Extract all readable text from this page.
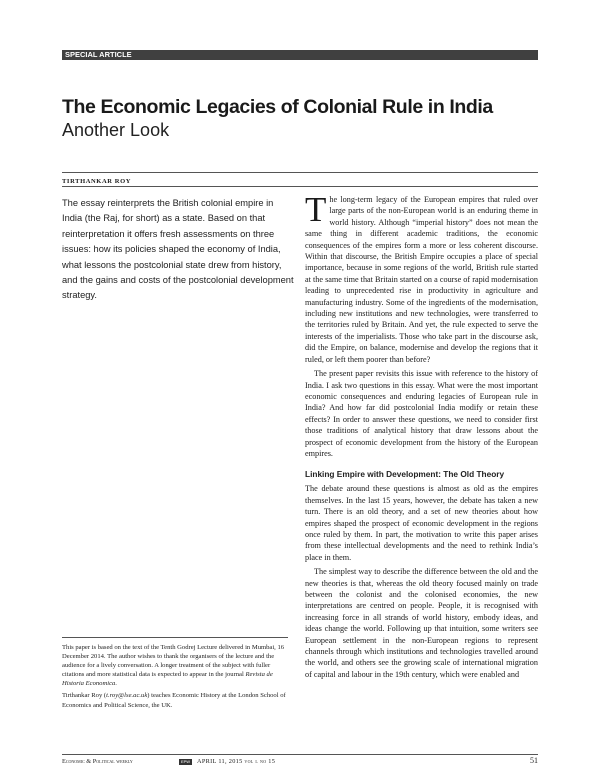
SPECIAL ARTICLE
The Economic Legacies of Colonial Rule in India
Another Look
TIRTHANKAR ROY

The essay reinterprets the British colonial empire in India (the Raj, for short) as a state. Based on that reinterpretation it offers fresh assessments on three issues: how its policies shaped the economy of India, what lessons the postcolonial state drew from history, and the gains and costs of the postcolonial development strategy.

The long-term legacy of the European empires that ruled over large parts of the non-European world is an enduring theme in world history. Although “imperial history” does not mean the same thing in different academic traditions, the economic consequences of the empires form a more or less coherent discourse. Within that discourse, the British Empire occupies a place of special importance, because in some regions of the world, British rule started at the same time that Britain started on a course of rapid modernisation leading to unprecedented rise in productivity in agriculture and manufacturing industry. Some of the ingredients of the modernisation, including new institutions and new technologies, were transferred to the territories ruled by Britain. And yet, the rule expected to serve the interests of the imperialists. Those who take part in the discourse ask, did the Empire, on balance, modernise and develop the regions that it ruled, or left them poorer than before?

The present paper revisits this issue with reference to the history of India. I ask two questions in this essay. What were the most important economic consequences and enduring legacies of European rule in India? And how far did postcolonial India modify or retain these effects? In order to answer these questions, we need to consider first those traditions of analytical history that draw lessons about the prospect of economic development from the history of the European empires.

Linking Empire with Development: The Old Theory

The debate around these questions is almost as old as the empires themselves. In the last 15 years, however, the debate has taken a new turn. There is an old theory, and a set of new theories about how empires shaped the prospect of economic development in the regions once ruled by them. In part, the motivation to write this paper arises from these intellectual developments and the need to rethink India’s place in them.

The simplest way to describe the difference between the old and the new theories is that, whereas the old theory focused mainly on trade between the colonist and the colonised economies, the new interpretations are centred on people. People, it is recognised with increasing force in all strands of world history, embody ideas, and ideas change the world. Following up that intuition, some writers see European settlement in the non-European regions to represent channels through which institutions and technologies travelled around the world, and others see the growing scale of international migration of capital and labour in the 19th century, which were enabled and

This paper is based on the text of the Tenth Godrej Lecture delivered in Mumbai, 16 December 2014. The author wishes to thank the organisers of the lecture and the audience for a lively conversation. A longer treatment of the subject with fuller citations and more statistical data is expected to appear in the journal Revista de Historia Economica.

Tirthankar Roy (t.roy@lse.ac.uk) teaches Economic History at the London School of Economics and Political Science, the UK.

Economic & Political weekly	EPW	APRIL 11, 2015 vol l no 15	51
